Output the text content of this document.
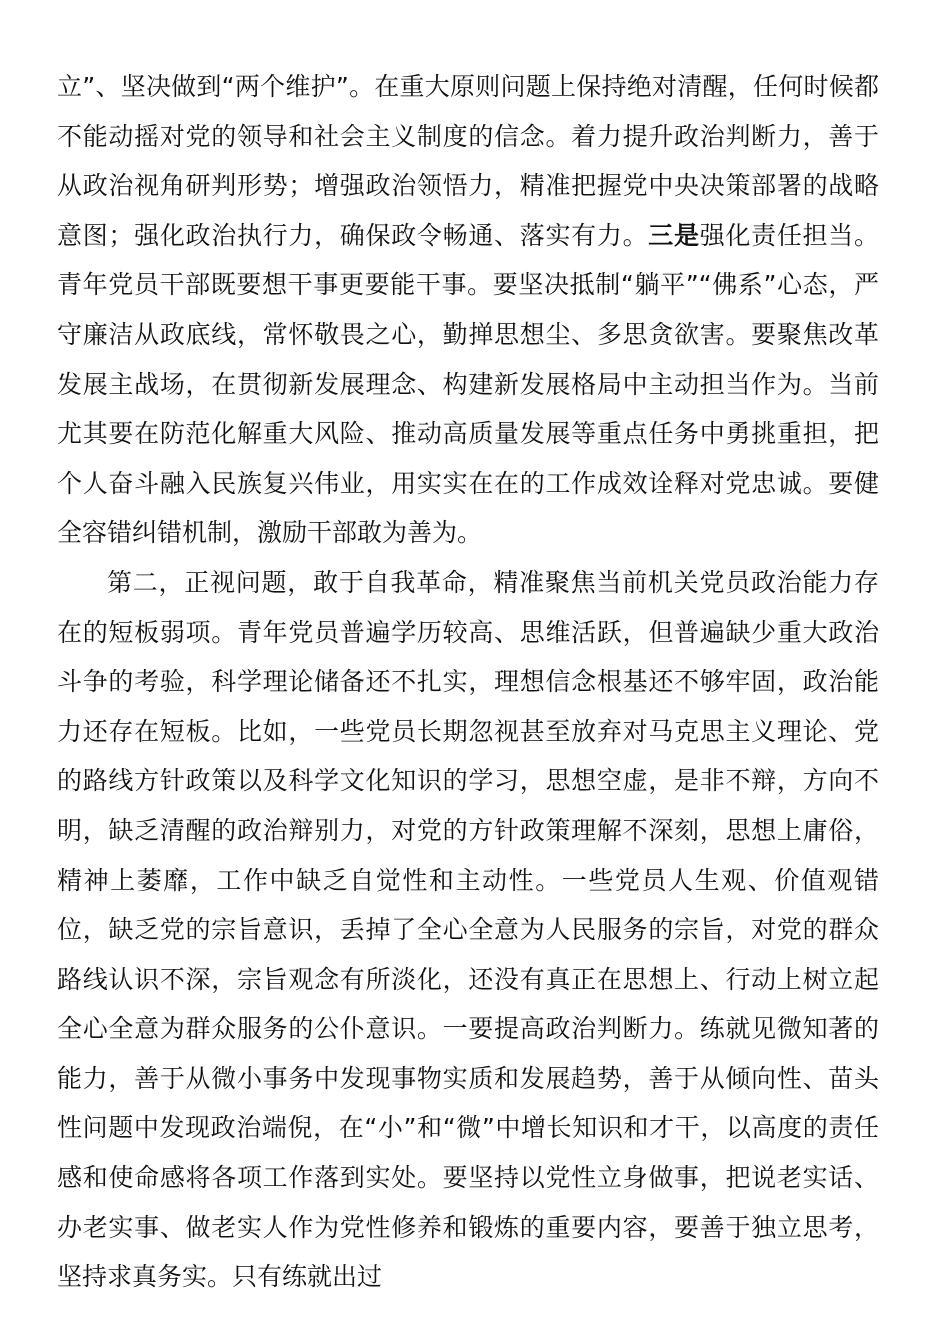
立”、坚决做到“两个维护”。在重大原则问题上保持绝对清醒，任何时候都不能动摇对党的领导和社会主义制度的信念。着力提升政治判断力，善于从政治视角研判形势；增强政治领悟力，精准把握党中央决策部署的战略意图；强化政治执行力，确保政令畅通、落实有力。三是强化责任担当。青年党员干部既要想干事更要能干事。要坚决抵制“躺平”“佛系”心态，严守廉洁从政底线，常怀敬畏之心，勤掸思想尘、多思贪欲害。要聚焦改革发展主战场，在贯彻新发展理念、构建新发展格局中主动担当作为。当前尤其要在防范化解重大风险、推动高质量发展等重点任务中勇挑重担，把个人奋斗融入民族复兴伟业，用实实在在的工作成效诠释对党忠诚。要健全容错纠错机制，激励干部敢为善为。

第二，正视问题，敢于自我革命，精准聚焦当前机关党员政治能力存在的短板弱项。青年党员普遍学历较高、思维活跃，但普遍缺少重大政治斗争的考验，科学理论储备还不扎实，理想信念根基还不够牢固，政治能力还存在短板。比如，一些党员长期忽视甚至放弃对马克思主义理论、党的路线方针政策以及科学文化知识的学习，思想空虚，是非不辩，方向不明，缺乏清醒的政治辩别力，对党的方针政策理解不深刻，思想上庸俗，精神上萎靡，工作中缺乏自觉性和主动性。一些党员人生观、价值观错位，缺乏党的宗旨意识，丢掉了全心全意为人民服务的宗旨，对党的群众路线认识不深，宗旨观念有所淡化，还没有真正在思想上、行动上树立起全心全意为群众服务的公仆意识。一要提高政治判断力。练就见微知著的能力，善于从微小事务中发现事物实质和发展趋势，善于从倾向性、苗头性问题中发现政治端倪，在“小”和“微”中增长知识和才干，以高度的责任感和使命感将各项工作落到实处。要坚持以党性立身做事，把说老实话、办老实事、做老实人作为党性修养和锻炼的重要内容，要善于独立思考，坚持求真务实。只有练就出过
